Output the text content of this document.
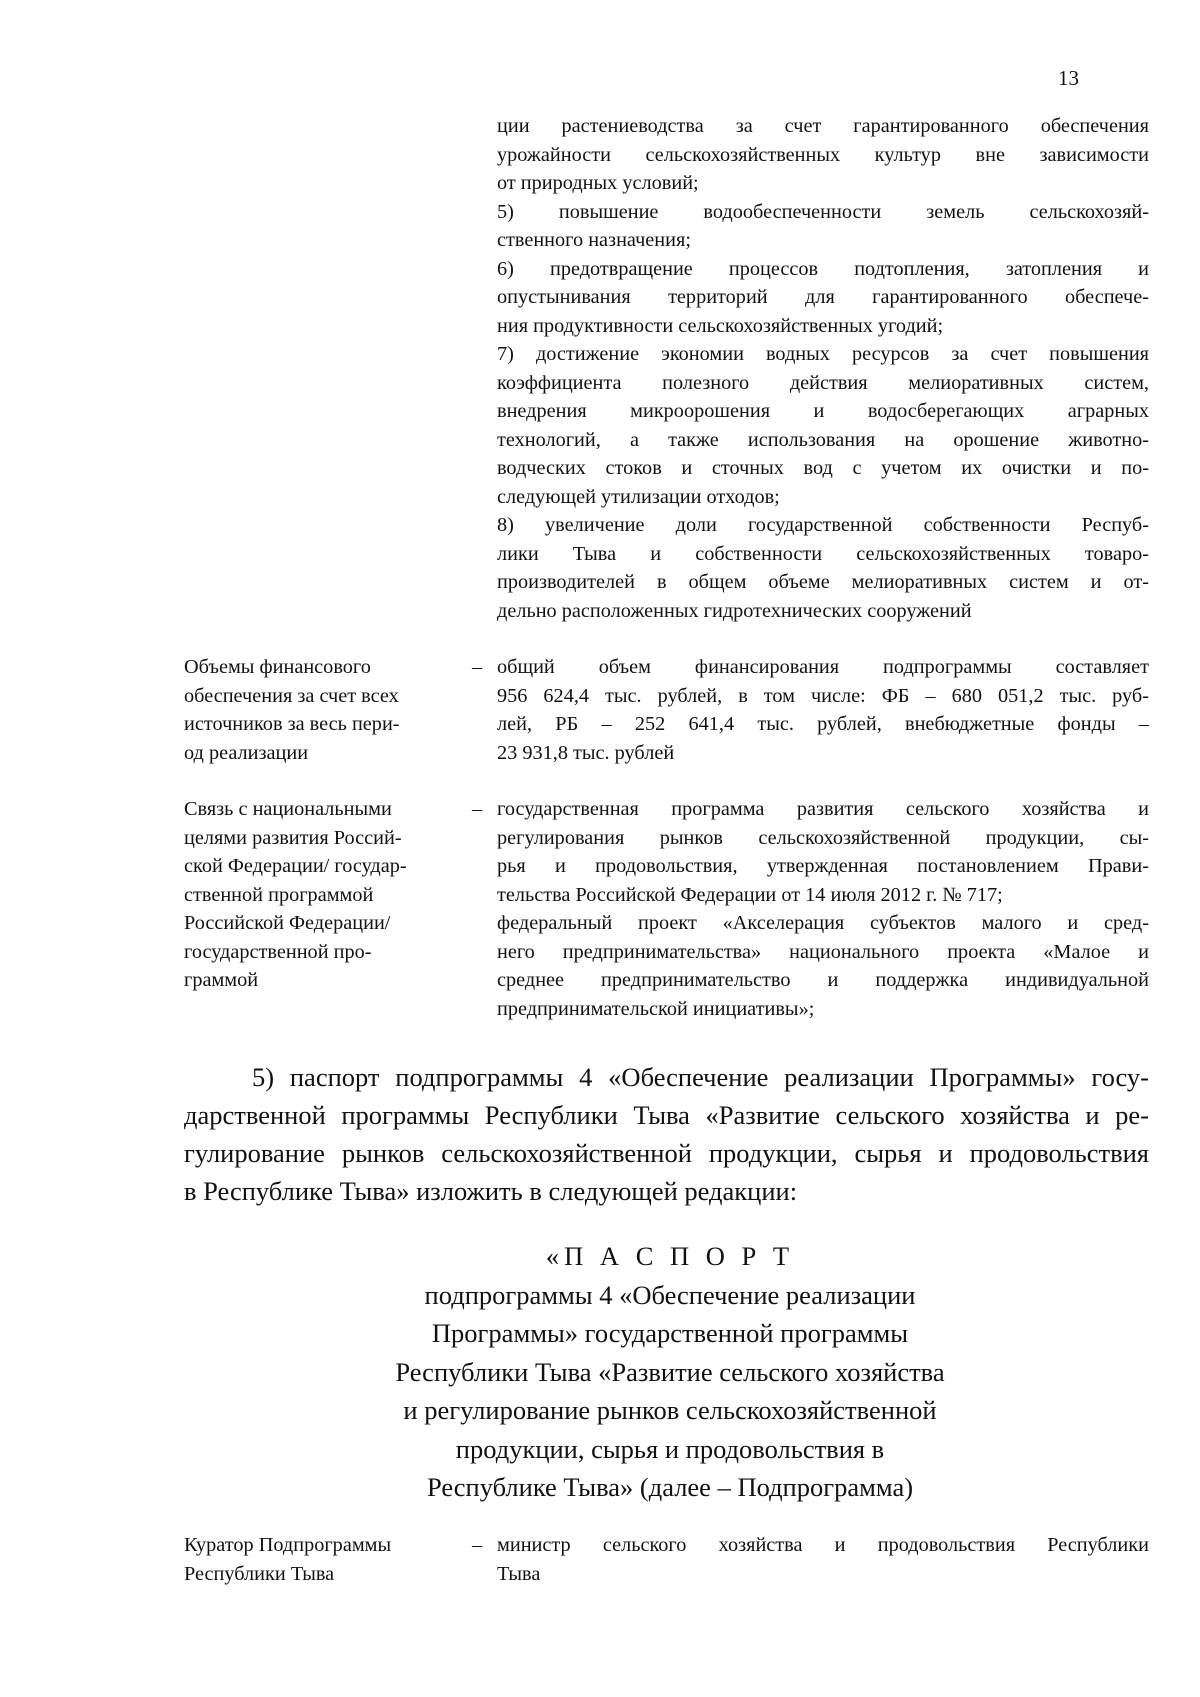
13
ции растениеводства за счет гарантированного обеспечения
урожайности сельскохозяйственных культур вне зависимости
от природных условий;
5) повышение водообеспеченности земель сельскохозяй-
ственного назначения;
6) предотвращение процессов подтопления, затопления и
опустынивания территорий для гарантированного обеспече-
ния продуктивности сельскохозяйственных угодий;
7) достижение экономии водных ресурсов за счет повышения
коэффициента полезного действия мелиоративных систем,
внедрения микроорошения и водосберегающих аграрных
технологий, а также использования на орошение животно-
водческих стоков и сточных вод с учетом их очистки и по-
следующей утилизации отходов;
8) увеличение доли государственной собственности Респуб-
лики Тыва и собственности сельскохозяйственных товаро-
производителей в общем объеме мелиоративных систем и от-
дельно расположенных гидротехнических сооружений
Объемы финансового
обеспечения за счет всех
источников за весь пери-
од реализации
– общий объем финансирования подпрограммы составляет
956 624,4 тыс. рублей, в том числе: ФБ – 680 051,2 тыс. руб-
лей, РБ – 252 641,4 тыс. рублей, внебюджетные фонды –
23 931,8 тыс. рублей
Связь с национальными
целями развития Россий-
ской Федерации/ государ-
ственной программой
Российской Федерации/
государственной про-
граммой
– государственная программа развития сельского хозяйства и
регулирования рынков сельскохозяйственной продукции, сы-
рья и продовольствия, утвержденная постановлением Прави-
тельства Российской Федерации от 14 июля 2012 г. № 717;
федеральный проект «Акселерация субъектов малого и сред-
него предпринимательства» национального проекта «Малое и
среднее предпринимательство и поддержка индивидуальной
предпринимательской инициативы»;
5) паспорт подпрограммы 4 «Обеспечение реализации Программы» госу-
дарственной программы Республики Тыва «Развитие сельского хозяйства и ре-
гулирование рынков сельскохозяйственной продукции, сырья и продовольствия
в Республике Тыва» изложить в следующей редакции:
«П А С П О Р Т
подпрограммы 4 «Обеспечение реализации
Программы» государственной программы
Республики Тыва «Развитие сельского хозяйства
и регулирование рынков сельскохозяйственной
продукции, сырья и продовольствия в
Республике Тыва» (далее – Подпрограмма)
Куратор Подпрограммы
Республики Тыва
– министр сельского хозяйства и продовольствия Республики
Тыва
